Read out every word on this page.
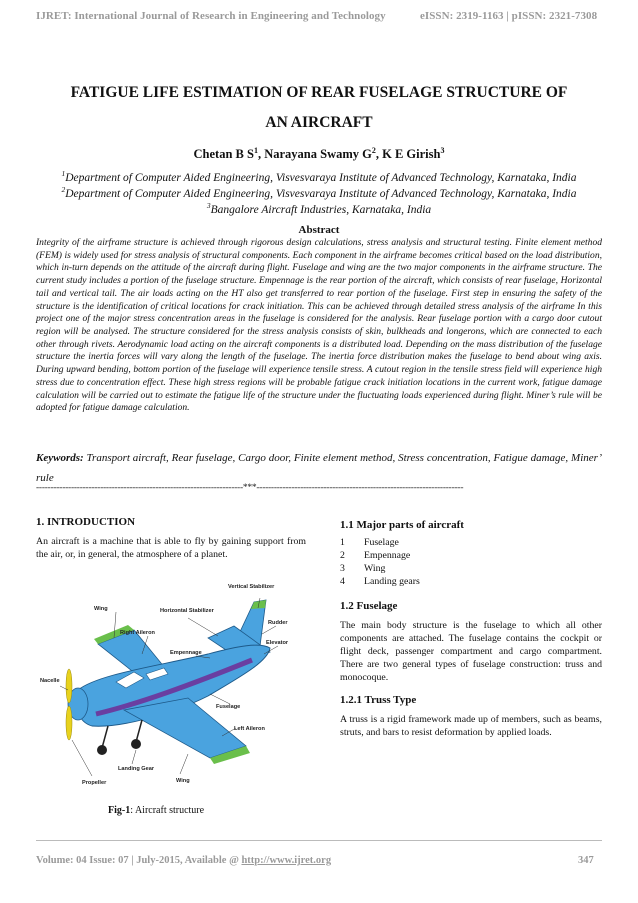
IJRET: International Journal of Research in Engineering and Technology	eISSN: 2319-1163 | pISSN: 2321-7308
FATIGUE LIFE ESTIMATION OF REAR FUSELAGE STRUCTURE OF
AN AIRCRAFT
Chetan B $S^1$, Narayana Swamy $G^2$, K E Girish$^3$
$^1$Department of Computer Aided Engineering, Visvesvaraya Institute of Advanced Technology, Karnataka, India
$^2$Department of Computer Aided Engineering, Visvesvaraya Institute of Advanced Technology, Karnataka, India
$^3$Bangalore Aircraft Industries, Karnataka, India
Abstract
Integrity of the airframe structure is achieved through rigorous design calculations, stress analysis and structural testing. Finite element method (FEM) is widely used for stress analysis of structural components. Each component in the airframe becomes critical based on the load distribution, which in-turn depends on the attitude of the aircraft during flight. Fuselage and wing are the two major components in the airframe structure. The current study includes a portion of the fuselage structure. Empennage is the rear portion of the aircraft, which consists of rear fuselage, Horizontal tail and vertical tail. The air loads acting on the HT also get transferred to rear portion of the fuselage. First step in ensuring the safety of the structure is the identification of critical locations for crack initiation. This can be achieved through detailed stress analysis of the airframe In this project one of the major stress concentration areas in the fuselage is considered for the analysis. Rear fuselage portion with a cargo door cutout region will be analysed. The structure considered for the stress analysis consists of skin, bulkheads and longerons, which are connected to each other through rivets. Aerodynamic load acting on the aircraft components is a distributed load. Depending on the mass distribution of the fuselage structure the inertia forces will vary along the length of the fuselage. The inertia force distribution makes the fuselage to bend about wing axis. During upward bending, bottom portion of the fuselage will experience tensile stress. A cutout region in the tensile stress field will experience high stress due to concentration effect. These high stress regions will be probable fatigue crack initiation locations in the current work, fatigue damage calculation will be carried out to estimate the fatigue life of the structure under the fluctuating loads experienced during flight. Miner’s rule will be adopted for fatigue damage calculation.
Keywords: Transport aircraft, Rear fuselage, Cargo door, Finite element method, Stress concentration, Fatigue damage, Miner’ rule
-----------------------------------------------------------------------***-----------------------------------------------------------------------
1. INTRODUCTION
An aircraft is a machine that is able to fly by gaining support from the air, or, in general, the atmosphere of a planet.
Vertical Stabilizer
Horizontal Stabilizer
Wing
Right Aileron
Empennage
Rudder
Elevator
Nacelle
Fuselage
Left Aileron
Landing Gear
Propeller	Wing
Fig-1: Aircraft structure
1.1 Major parts of aircraft
1 Fuselage
2 Empennage
3 Wing
4 Landing gears
1.2 Fuselage
The main body structure is the fuselage to which all other components are attached. The fuselage contains the cockpit or flight deck, passenger compartment and cargo compartment. There are two general types of fuselage construction: truss and monocoque.
1.2.1 Truss Type
A truss is a rigid framework made up of members, such as beams, struts, and bars to resist deformation by applied loads.
Volume: 04 Issue: 07 | July-2015, Available @ http://www.ijret.org	347
